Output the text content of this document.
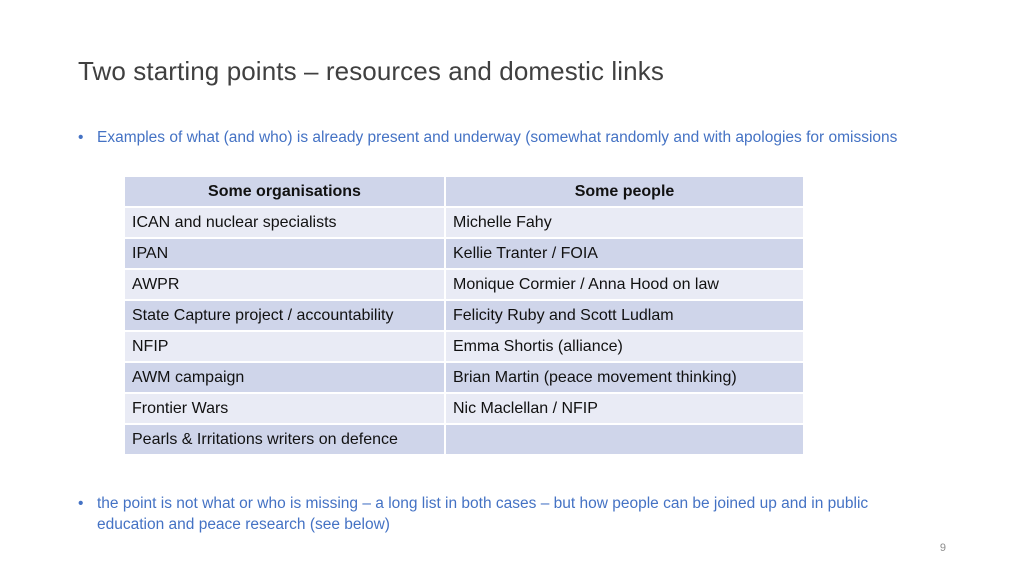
Two starting points – resources and domestic links
• Examples of what (and who) is already present and underway (somewhat randomly and with apologies for omissions
Some organisations	Some people
ICAN and nuclear specialists	Michelle Fahy
IPAN	Kellie Tranter / FOIA
AWPR	Monique Cormier / Anna Hood on law
State Capture project / accountability	Felicity Ruby and Scott Ludlam
NFIP	Emma Shortis (alliance)
AWM campaign	Brian Martin (peace movement thinking)
Frontier Wars	Nic Maclellan / NFIP
Pearls & Irritations writers on defence	
• the point is not what or who is missing – a long list in both cases – but how people can be joined up and in public education and peace research (see below)
9
